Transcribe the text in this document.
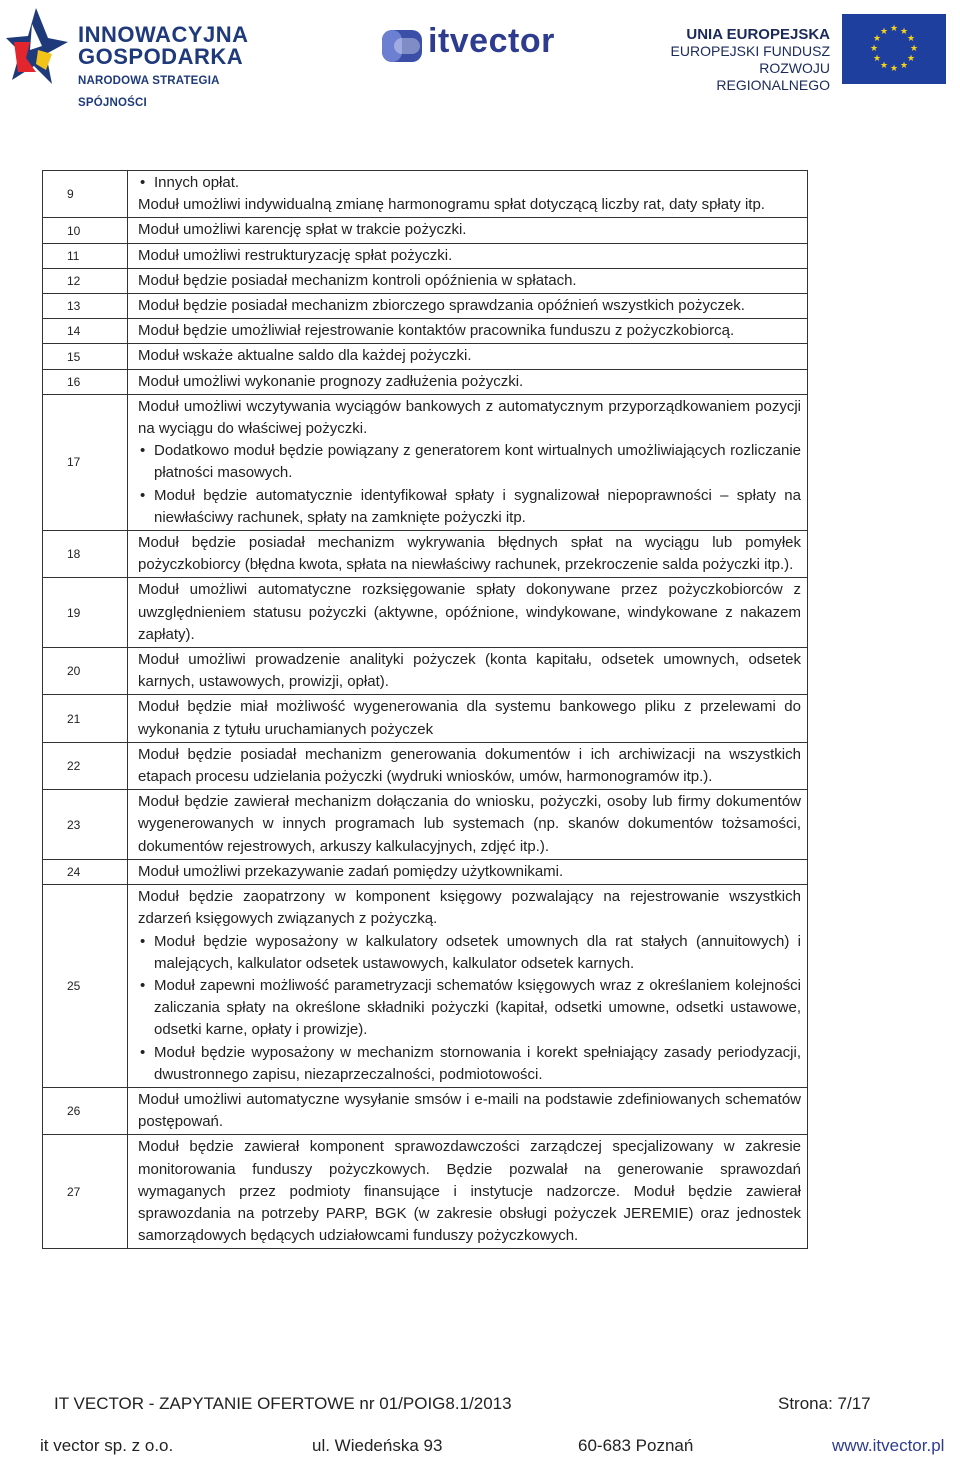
INNOWACYJNA
GOSPODARKA
NARODOWA STRATEGIA SPÓJNOŚCI
itvector	UNIA EUROPEJSKA
EUROPEJSKI FUNDUSZ
ROZWOJU REGIONALNEGO
★ ★
★
★
★
★
★
★
★
★
★
★
9	• Innych opłat.
Moduł umożliwi indywidualną zmianę harmonogramu spłat dotyczącą liczby rat, daty spłaty itp.

10	Moduł umożliwi karencję spłat w trakcie pożyczki.

11	Moduł umożliwi restrukturyzację spłat pożyczki.

12	Moduł będzie posiadał mechanizm kontroli opóźnienia w spłatach.

13	Moduł będzie posiadał mechanizm zbiorczego sprawdzania opóźnień wszystkich pożyczek.

14	Moduł będzie umożliwiał rejestrowanie kontaktów pracownika funduszu z pożyczkobiorcą.

15	Moduł wskaże aktualne saldo dla każdej pożyczki.

16	Moduł umożliwi wykonanie prognozy zadłużenia pożyczki.

17	Moduł umożliwi wczytywania wyciągów bankowych z automatycznym przyporządkowaniem pozycji na wyciągu do właściwej pożyczki.
• Dodatkowo moduł będzie powiązany z generatorem kont wirtualnych umożliwiających rozliczanie płatności masowych.
• Moduł będzie automatycznie identyfikował spłaty i sygnalizował niepoprawności – spłaty na niewłaściwy rachunek, spłaty na zamknięte pożyczki itp.

18	Moduł będzie posiadał mechanizm wykrywania błędnych spłat na wyciągu lub pomyłek pożyczkobiorcy (błędna kwota, spłata na niewłaściwy rachunek, przekroczenie salda pożyczki itp.).

19	Moduł umożliwi automatyczne rozksięgowanie spłaty dokonywane przez pożyczkobiorców z uwzględnieniem statusu pożyczki (aktywne, opóźnione, windykowane, windykowane z nakazem zapłaty).

20	Moduł umożliwi prowadzenie analityki pożyczek (konta kapitału, odsetek umownych, odsetek karnych, ustawowych, prowizji, opłat).

21	Moduł będzie miał możliwość wygenerowania dla systemu bankowego pliku z przelewami do wykonania z tytułu uruchamianych pożyczek

22	Moduł będzie posiadał mechanizm generowania dokumentów i ich archiwizacji na wszystkich etapach procesu udzielania pożyczki (wydruki wniosków, umów, harmonogramów itp.).

23	Moduł będzie zawierał mechanizm dołączania do wniosku, pożyczki, osoby lub firmy dokumentów wygenerowanych w innych programach lub systemach (np. skanów dokumentów tożsamości, dokumentów rejestrowych, arkuszy kalkulacyjnych, zdjęć itp.).

24	Moduł umożliwi przekazywanie zadań pomiędzy użytkownikami.

25	Moduł będzie zaopatrzony w komponent księgowy pozwalający na rejestrowanie wszystkich zdarzeń księgowych związanych z pożyczką.
• Moduł będzie wyposażony w kalkulatory odsetek umownych dla rat stałych (annuitowych) i malejących, kalkulator odsetek ustawowych, kalkulator odsetek karnych.
• Moduł zapewni możliwość parametryzacji schematów księgowych wraz z określaniem kolejności zaliczania spłaty na określone składniki pożyczki (kapitał, odsetki umowne, odsetki ustawowe, odsetki karne, opłaty i prowizje).
• Moduł będzie wyposażony w mechanizm stornowania i korekt spełniający zasady periodyzacji, dwustronnego zapisu, niezaprzeczalności, podmiotowości.

26	Moduł umożliwi automatyczne wysyłanie smsów i e-maili na podstawie zdefiniowanych schematów postępowań.

27	Moduł będzie zawierał komponent sprawozdawczości zarządczej specjalizowany w zakresie monitorowania funduszy pożyczkowych. Będzie pozwalał na generowanie sprawozdań wymaganych przez podmioty finansujące i instytucje nadzorcze. Moduł będzie zawierał sprawozdania na potrzeby PARP, BGK (w zakresie obsługi pożyczek JEREMIE) oraz jednostek samorządowych będących udziałowcami funduszy pożyczkowych.
IT VECTOR - ZAPYTANIE OFERTOWE nr 01/POIG8.1/2013	Strona: 7/17
it vector sp. z o.o.	ul. Wiedeńska 93	60-683 Poznań	www.itvector.pl
